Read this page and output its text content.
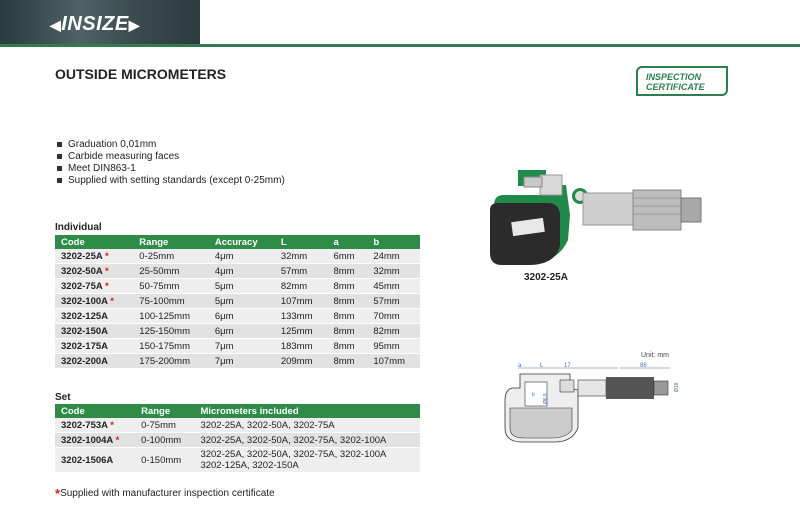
◀INSIZE▶
OUTSIDE MICROMETERS	INSPECTION
CERTIFICATE
Graduation 0,01mm
Carbide measuring faces
Meet DIN863-1
Supplied with setting standards (except 0-25mm)
3202-25A
Unit: mm
a	L	17	86
b Ø6.5
Ø18
Individual
Code	Range	Accuracy	L	a	b
3202-25A *	0-25mm	4μm	32mm	6mm	24mm
3202-50A *	25-50mm	4μm	57mm	8mm	32mm
3202-75A *	50-75mm	5μm	82mm	8mm	45mm
3202-100A *	75-100mm	5μm	107mm	8mm	57mm
3202-125A	100-125mm	6μm	133mm	8mm	70mm
3202-150A	125-150mm	6μm	125mm	8mm	82mm
3202-175A	150-175mm	7μm	183mm	8mm	95mm
3202-200A	175-200mm	7μm	209mm	8mm	107mm
Set
Code	Range	Micrometers included
3202-753A *	0-75mm	3202-25A, 3202-50A, 3202-75A
3202-1004A *	0-100mm	3202-25A, 3202-50A, 3202-75A, 3202-100A
3202-1506A	0-150mm	3202-25A, 3202-50A, 3202-75A, 3202-100A
3202-125A, 3202-150A
*Supplied with manufacturer inspection certificate
